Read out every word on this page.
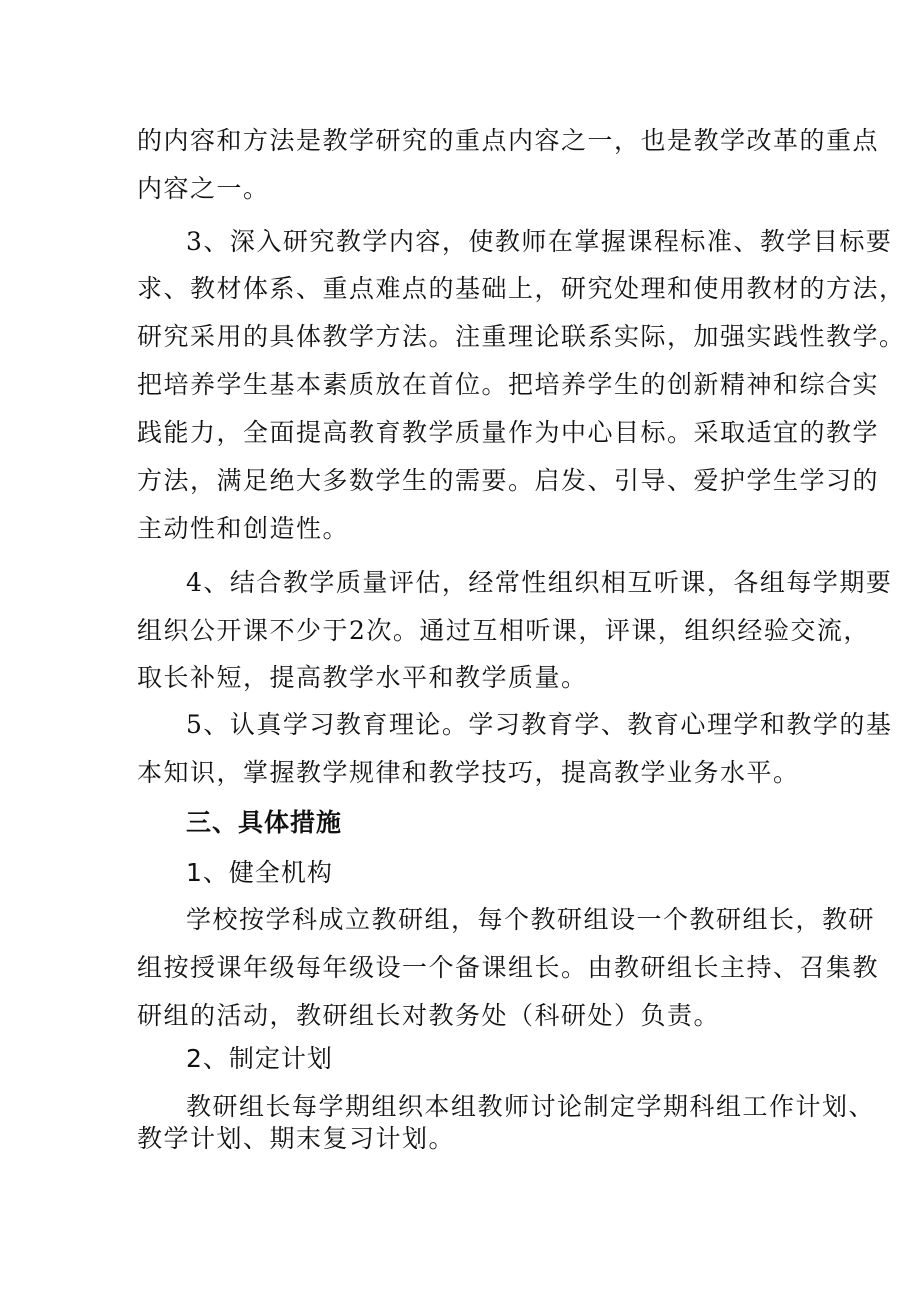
的内容和方法是教学研究的重点内容之一，也是教学改革的重点
内容之一。
3、深入研究教学内容，使教师在掌握课程标准、教学目标要
求、教材体系、重点难点的基础上，研究处理和使用教材的方法，
研究采用的具体教学方法。注重理论联系实际，加强实践性教学。
把培养学生基本素质放在首位。把培养学生的创新精神和综合实
践能力，全面提高教育教学质量作为中心目标。采取适宜的教学
方法，满足绝大多数学生的需要。启发、引导、爱护学生学习的
主动性和创造性。
4、结合教学质量评估，经常性组织相互听课，各组每学期要
组织公开课不少于2次。通过互相听课，评课，组织经验交流，
取长补短，提高教学水平和教学质量。
5、认真学习教育理论。学习教育学、教育心理学和教学的基
本知识，掌握教学规律和教学技巧，提高教学业务水平。
三、具体措施
1、健全机构
学校按学科成立教研组，每个教研组设一个教研组长，教研
组按授课年级每年级设一个备课组长。由教研组长主持、召集教
研组的活动，教研组长对教务处（科研处）负责。
2、制定计划
教研组长每学期组织本组教师讨论制定学期科组工作计划、
教学计划、期末复习计划。
